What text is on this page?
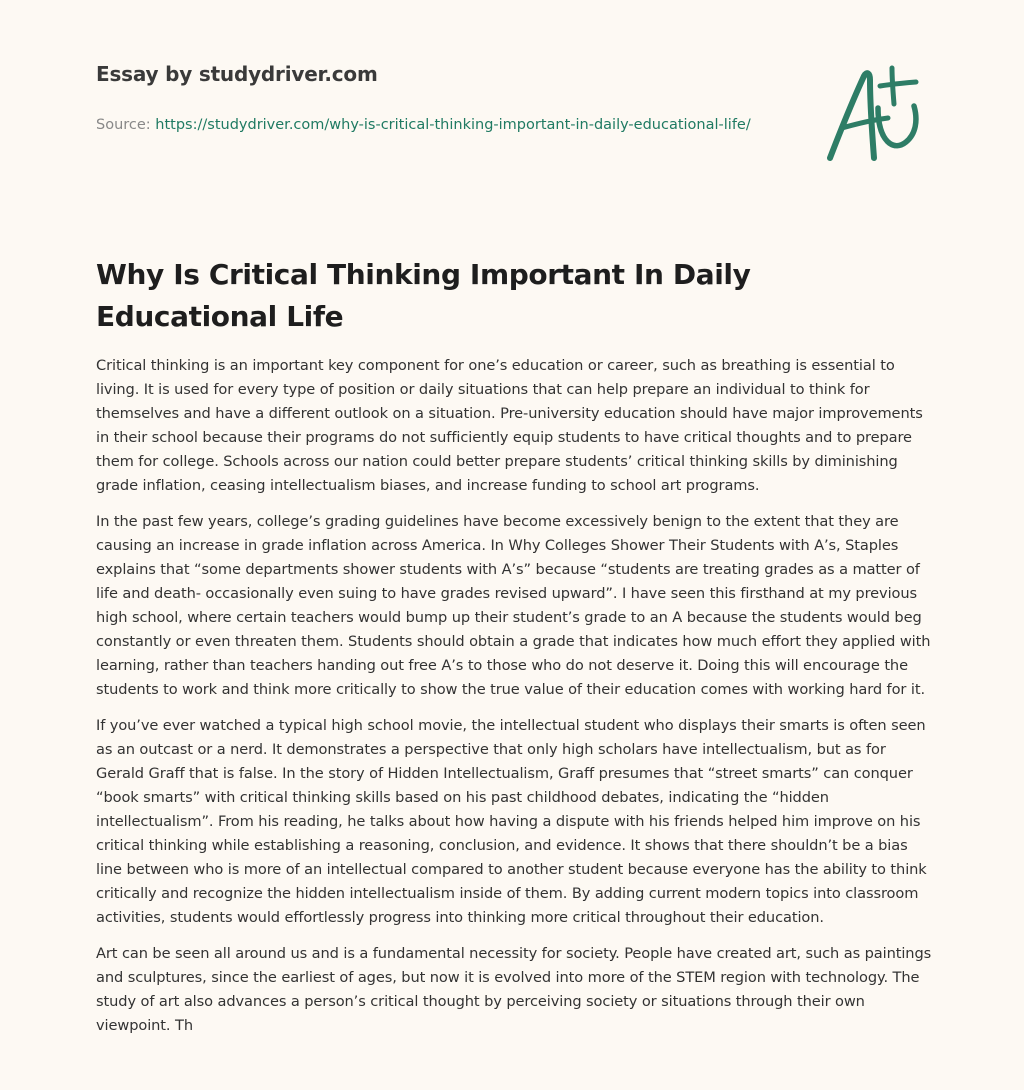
Essay by studydriver.com
Source: https://studydriver.com/why-is-critical-thinking-important-in-daily-educational-life/
Why Is Critical Thinking Important In Daily Educational Life

Critical thinking is an important key component for one’s education or career, such as breathing is essential to living. It is used for every type of position or daily situations that can help prepare an individual to think for themselves and have a different outlook on a situation. Pre-university education should have major improvements in their school because their programs do not sufficiently equip students to have critical thoughts and to prepare them for college. Schools across our nation could better prepare students’ critical thinking skills by diminishing grade inflation, ceasing intellectualism biases, and increase funding to school art programs.

In the past few years, college’s grading guidelines have become excessively benign to the extent that they are causing an increase in grade inflation across America. In Why Colleges Shower Their Students with A’s, Staples explains that “some departments shower students with A’s” because “students are treating grades as a matter of life and death- occasionally even suing to have grades revised upward”. I have seen this firsthand at my previous high school, where certain teachers would bump up their student’s grade to an A because the students would beg constantly or even threaten them. Students should obtain a grade that indicates how much effort they applied with learning, rather than teachers handing out free A’s to those who do not deserve it. Doing this will encourage the students to work and think more critically to show the true value of their education comes with working hard for it.

If you’ve ever watched a typical high school movie, the intellectual student who displays their smarts is often seen as an outcast or a nerd. It demonstrates a perspective that only high scholars have intellectualism, but as for Gerald Graff that is false. In the story of Hidden Intellectualism, Graff presumes that “street smarts” can conquer “book smarts” with critical thinking skills based on his past childhood debates, indicating the “hidden intellectualism”. From his reading, he talks about how having a dispute with his friends helped him improve on his critical thinking while establishing a reasoning, conclusion, and evidence. It shows that there shouldn’t be a bias line between who is more of an intellectual compared to another student because everyone has the ability to think critically and recognize the hidden intellectualism inside of them. By adding current modern topics into classroom activities, students would effortlessly progress into thinking more critical throughout their education.

Art can be seen all around us and is a fundamental necessity for society. People have created art, such as paintings and sculptures, since the earliest of ages, but now it is evolved into more of the STEM region with technology. The study of art also advances a person’s critical thought by perceiving society or situations through their own viewpoint. Th
